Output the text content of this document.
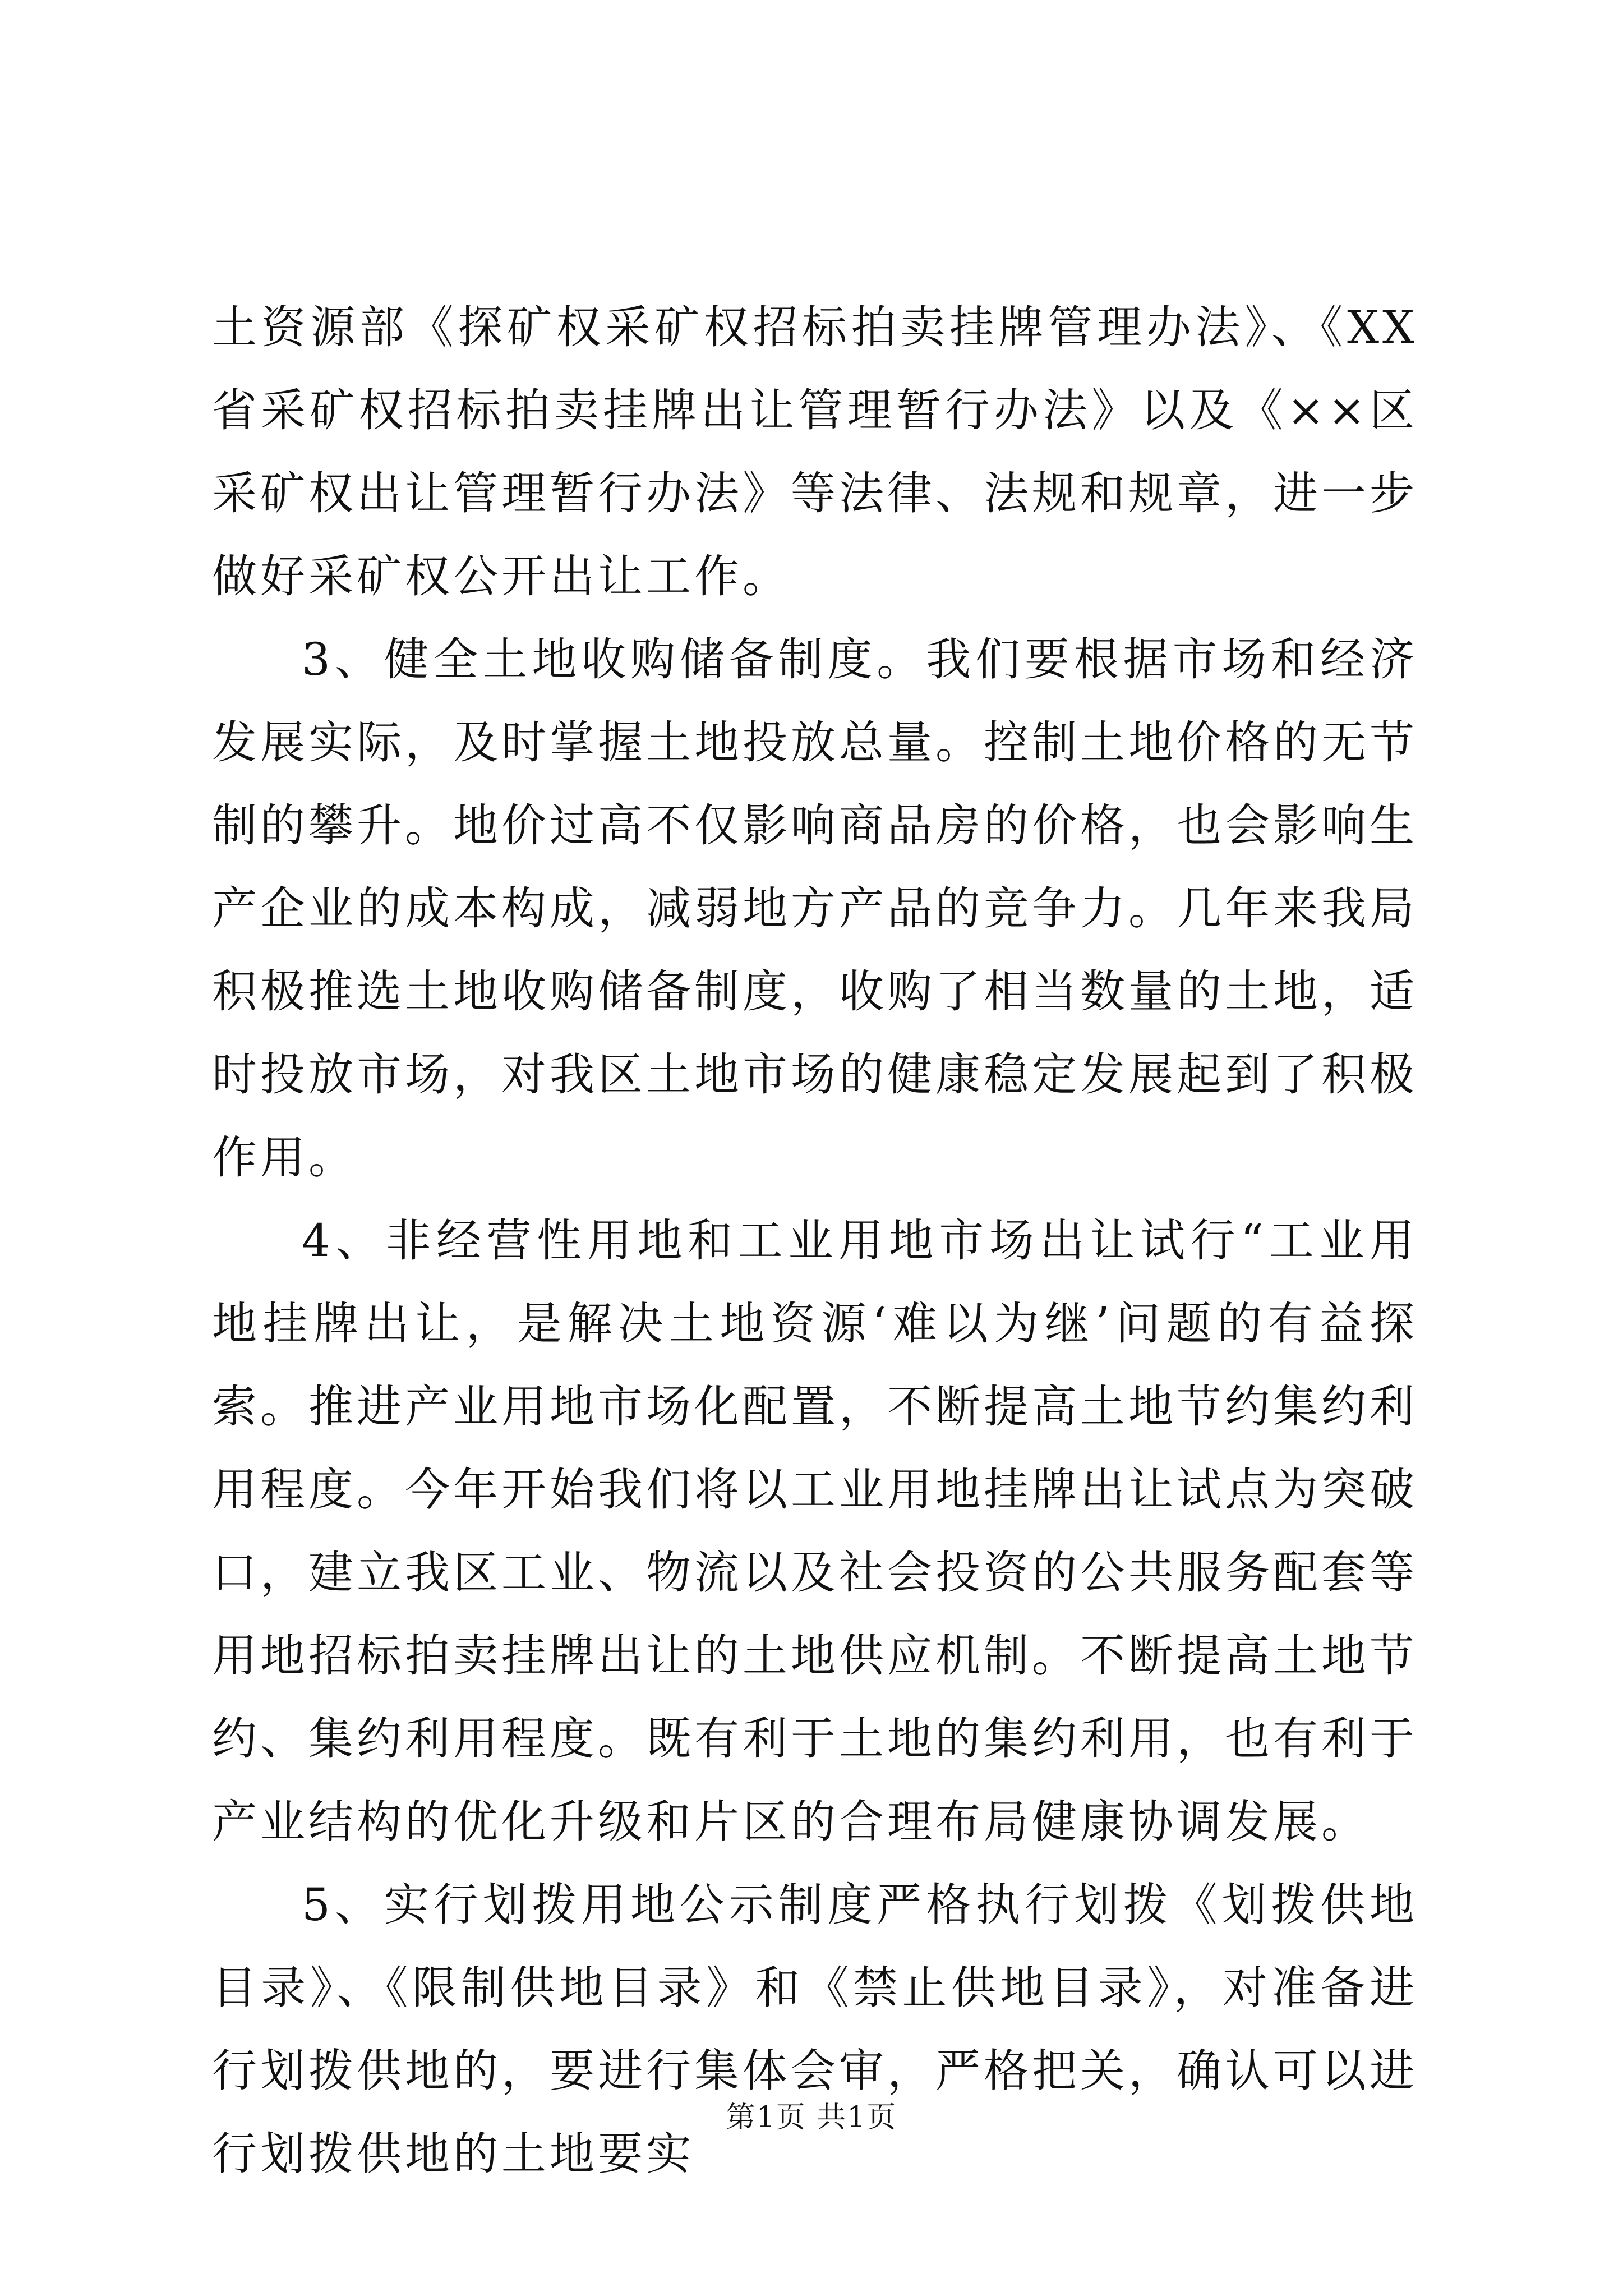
土资源部《探矿权采矿权招标拍卖挂牌管理办法》、《XX省采矿权招标拍卖挂牌出让管理暂行办法》以及《××区采矿权出让管理暂行办法》等法律、法规和规章，进一步做好采矿权公开出让工作。

3、健全土地收购储备制度。我们要根据市场和经济发展实际，及时掌握土地投放总量。控制土地价格的无节制的攀升。地价过高不仅影响商品房的价格，也会影响生产企业的成本构成，减弱地方产品的竞争力。几年来我局积极推选土地收购储备制度，收购了相当数量的土地，适时投放市场，对我区土地市场的健康稳定发展起到了积极作用。

4、非经营性用地和工业用地市场出让试行“工业用地挂牌出让，是解决土地资源‘难以为继’问题的有益探索。推进产业用地市场化配置，不断提高土地节约集约利用程度。今年开始我们将以工业用地挂牌出让试点为突破口，建立我区工业、物流以及社会投资的公共服务配套等用地招标拍卖挂牌出让的土地供应机制。不断提高土地节约、集约利用程度。既有利于土地的集约利用，也有利于产业结构的优化升级和片区的合理布局健康协调发展。

5、实行划拨用地公示制度严格执行划拨《划拨供地目录》、《限制供地目录》和《禁止供地目录》，对准备进行划拨供地的，要进行集体会审，严格把关，确认可以进行划拨供地的土地要实

第1页 共1页
